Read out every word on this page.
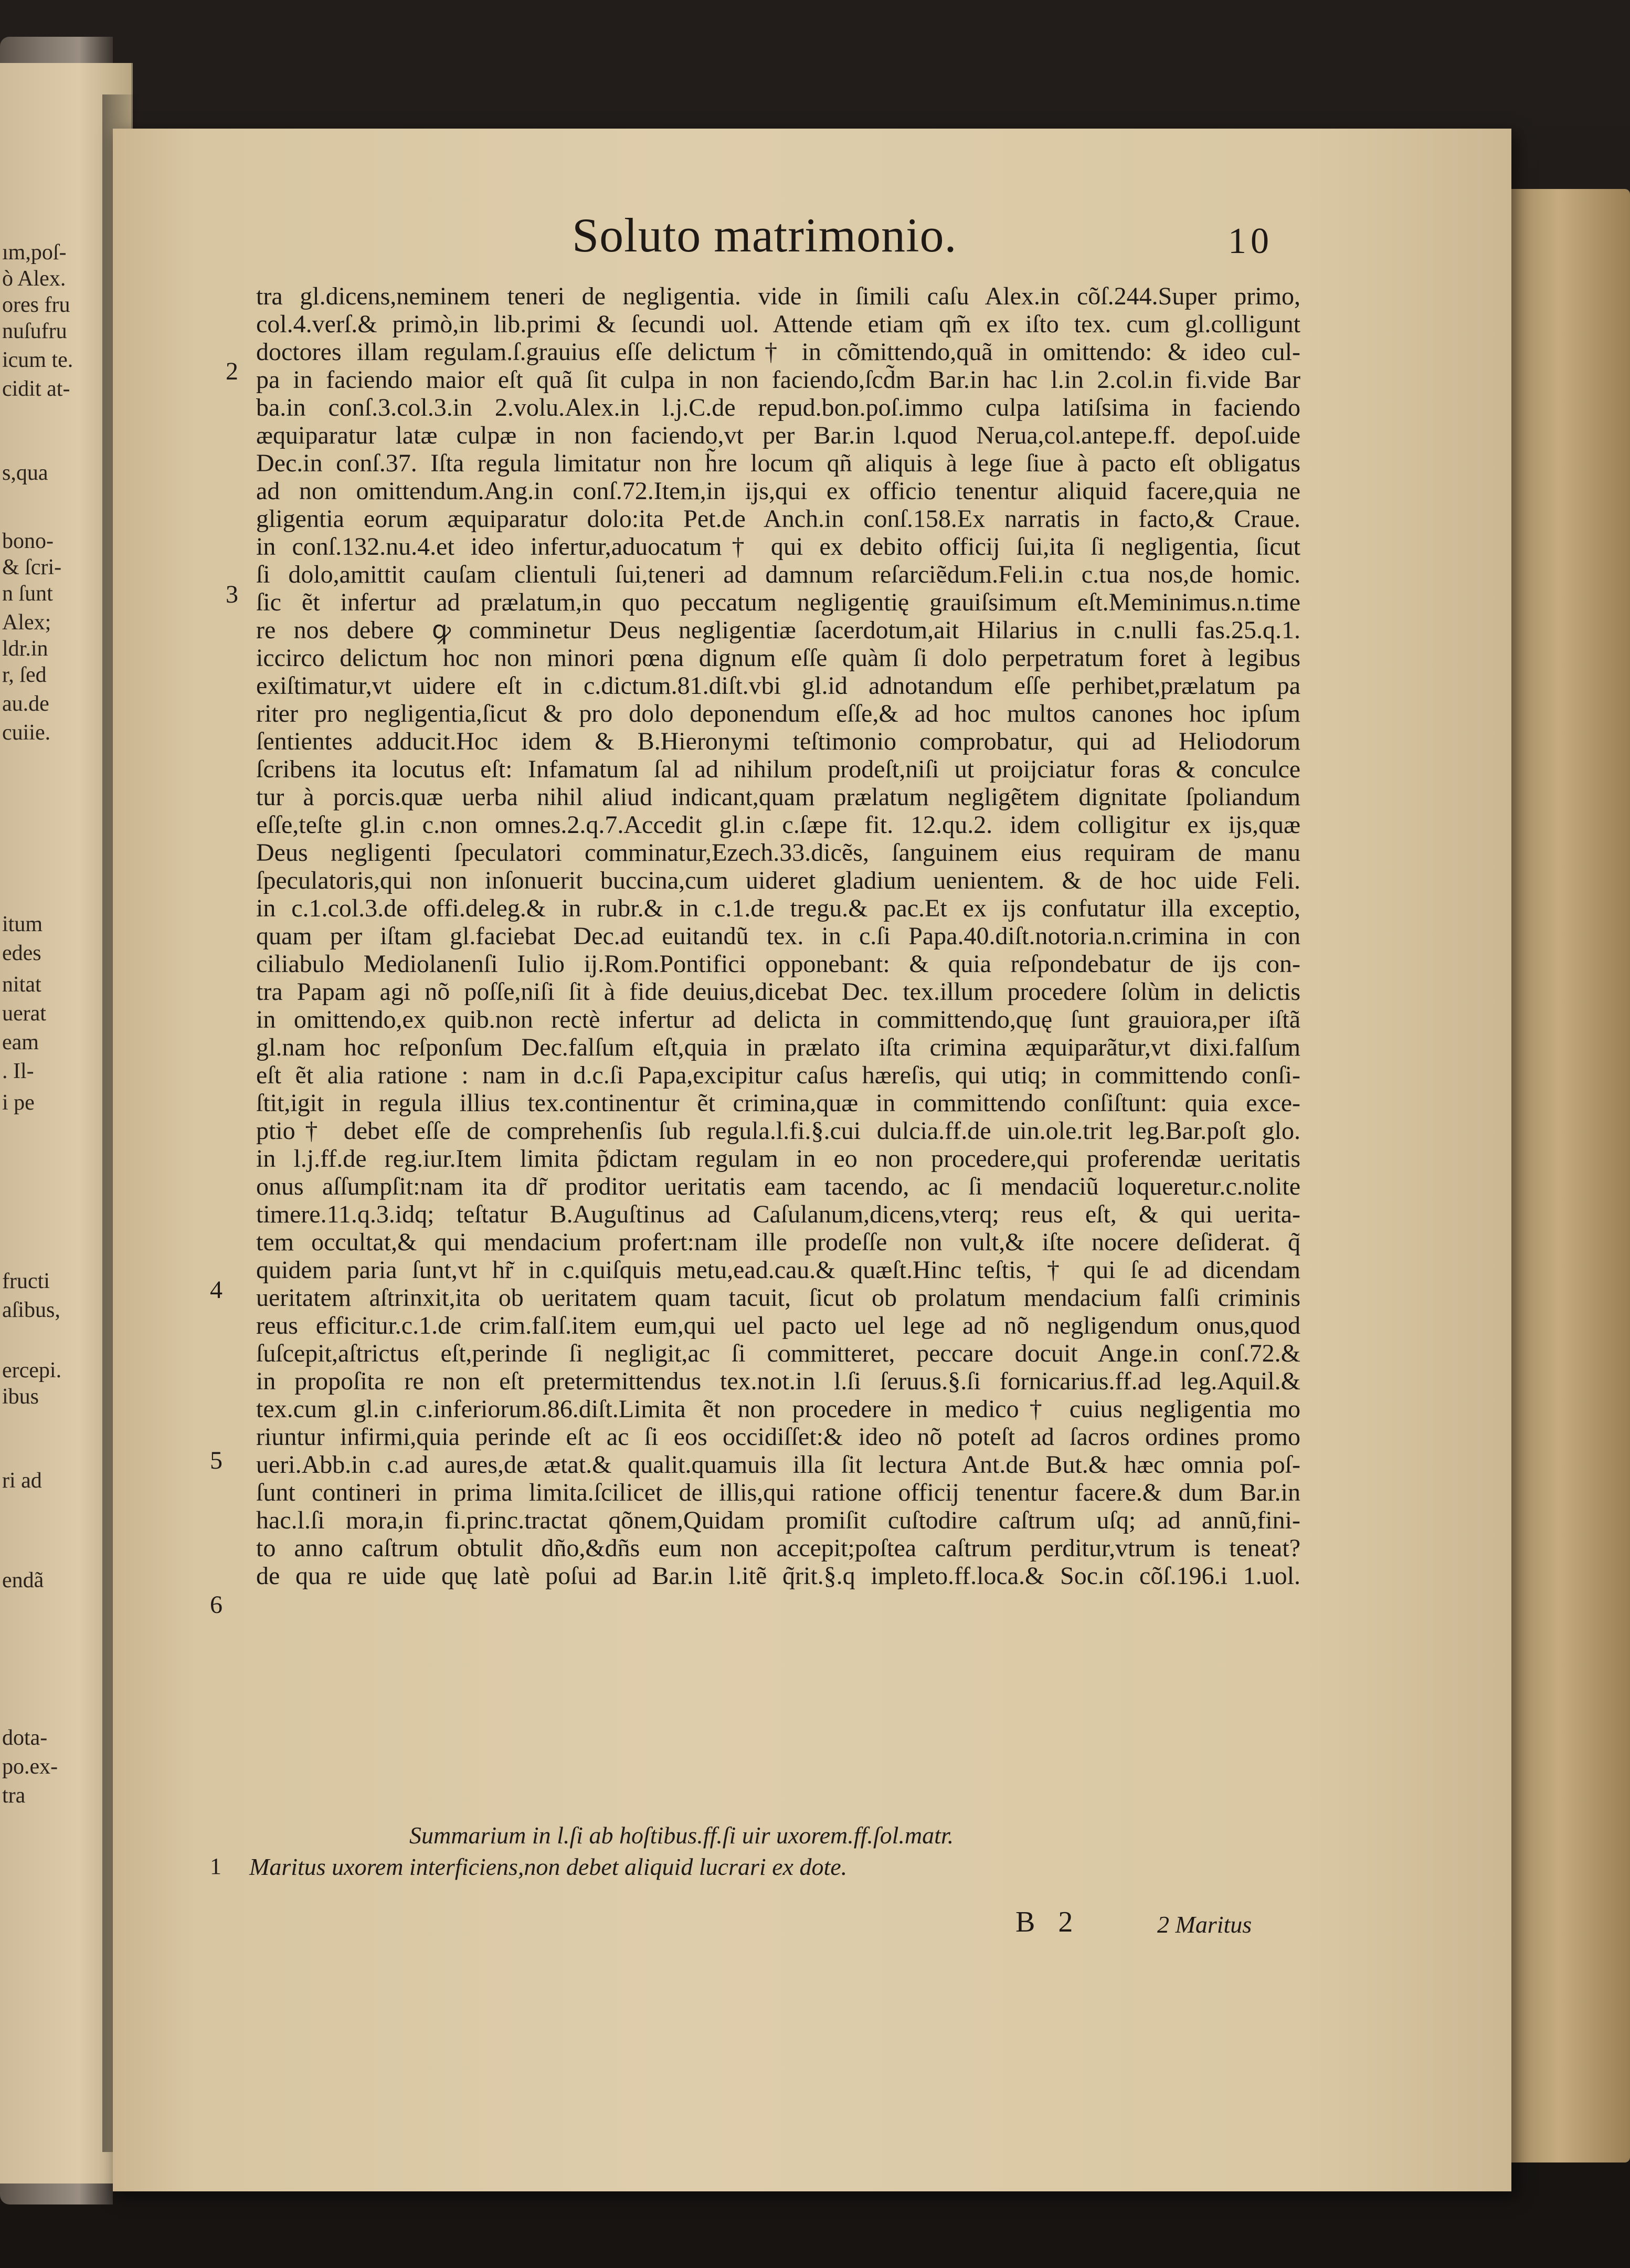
ım,poſ-
ò Alex.
ores fru
nuſufru
icum te.
cidit at-
s,qua
bono-
& ſcri-
n ſunt
Alex;
ldr.in
r, ſed
au.de
cuiie.
itum
edes
nitat
uerat
eam
. Il-
i pe
fructi
aſibus,
ercepi.
ibus
ri ad
endã
dota-
po.ex-
tra
Soluto matrimonio.	10
2
3
4
5
6
tra gl.dicens,neminem teneri de negligentia. vide in ſimili caſu Alex.in cõſ.244.Super primo,
col.4.verſ.& primò,in lib.primi & ſecundi uol. Attende etiam qm̃ ex iſto tex. cum gl.colligunt
doctores illam regulam.ſ.grauius eſſe delictum† in cõmittendo,quã in omittendo: & ideo cul-
pa in faciendo maior eſt quã ſit culpa in non faciendo,ſcd̃m Bar.in hac l.in 2.col.in fi.vide Bar
ba.in conſ.3.col.3.in 2.volu.Alex.in l.j.C.de repud.bon.poſ.immo culpa latiſsima in faciendo
æquiparatur latæ culpæ in non faciendo,vt per Bar.in l.quod Nerua,col.antepe.ff. depoſ.uide
Dec.in conſ.37. Iſta regula limitatur non h̃re locum qñ aliquis à lege ſiue à pacto eſt obligatus
ad non omittendum.Ang.in conſ.72.Item,in ijs,qui ex officio tenentur aliquid facere,quia ne
gligentia eorum æquiparatur dolo:ita Pet.de Anch.in conſ.158.Ex narratis in facto,& Craue.
in conſ.132.nu.4.et ideo infertur,aduocatum† qui ex debito officij ſui,ita ſi negligentia, ſicut
ſi dolo,amittit cauſam clientuli ſui,teneri ad damnum reſarciẽdum.Feli.in c.tua nos,de homic.
ſic ẽt infertur ad prælatum,in quo peccatum negligentię grauiſsimum eſt.Meminimus.n.time
re nos debere ꝙ comminetur Deus negligentiæ ſacerdotum,ait Hilarius in c.nulli fas.25.q.1.
iccirco delictum hoc non minori pœna dignum eſſe quàm ſi dolo perpetratum foret à legibus
exiſtimatur,vt uidere eſt in c.dictum.81.diſt.vbi gl.id adnotandum eſſe perhibet,prælatum pa
riter pro negligentia,ſicut & pro dolo deponendum eſſe,& ad hoc multos canones hoc ipſum
ſentientes adducit.Hoc idem & B.Hieronymi teſtimonio comprobatur, qui ad Heliodorum
ſcribens ita locutus eſt: Infamatum ſal ad nihilum prodeſt,niſi ut proijciatur foras & conculce
tur à porcis.quæ uerba nihil aliud indicant,quam prælatum negligẽtem dignitate ſpoliandum
eſſe,teſte gl.in c.non omnes.2.q.7.Accedit gl.in c.ſæpe fit. 12.qu.2. idem colligitur ex ijs,quæ
Deus negligenti ſpeculatori comminatur,Ezech.33.dicẽs, ſanguinem eius requiram de manu
ſpeculatoris,qui non inſonuerit buccina,cum uideret gladium uenientem. & de hoc uide Feli.
in c.1.col.3.de offi.deleg.& in rubr.& in c.1.de tregu.& pac.Et ex ijs confutatur illa exceptio,
quam per iſtam gl.faciebat Dec.ad euitandũ tex. in c.ſi Papa.40.diſt.notoria.n.crimina in con
ciliabulo Mediolanenſi Iulio ij.Rom.Pontifici opponebant: & quia reſpondebatur de ijs con-
tra Papam agi nõ poſſe,niſi ſit à fide deuius,dicebat Dec. tex.illum procedere ſolùm in delictis
in omittendo,ex quib.non rectè infertur ad delicta in committendo,quę ſunt grauiora,per iſtã
gl.nam hoc reſponſum Dec.falſum eſt,quia in prælato iſta crimina æquiparãtur,vt dixi.falſum
eſt ẽt alia ratione : nam in d.c.ſi Papa,excipitur caſus hæreſis, qui utiq; in committendo conſi-
ſtit,igit in regula illius tex.continentur ẽt crimina,quæ in committendo conſiſtunt: quia exce-
ptio† debet eſſe de comprehenſis ſub regula.l.fi.§.cui dulcia.ff.de uin.ole.trit leg.Bar.poſt glo.
in l.j.ff.de reg.iur.Item limita p̃dictam regulam in eo non procedere,qui proferendæ ueritatis
onus aſſumpſit:nam ita dr̃ proditor ueritatis eam tacendo, ac ſi mendaciũ loqueretur.c.nolite
timere.11.q.3.idq; teſtatur B.Auguſtinus ad Caſulanum,dicens,vterq; reus eſt, & qui uerita-
tem occultat,& qui mendacium profert:nam ille prodeſſe non vult,& iſte nocere deſiderat. q̃
quidem paria ſunt,vt hr̃ in c.quiſquis metu,ead.cau.& quæſt.Hinc teſtis, † qui ſe ad dicendam
ueritatem aſtrinxit,ita ob ueritatem quam tacuit, ſicut ob prolatum mendacium falſi criminis
reus efficitur.c.1.de crim.falſ.item eum,qui uel pacto uel lege ad nõ negligendum onus,quod
ſuſcepit,aſtrictus eſt,perinde ſi negligit,ac ſi committeret, peccare docuit Ange.in conſ.72.&
in propoſita re non eſt pretermittendus tex.not.in l.ſi ſeruus.§.ſi fornicarius.ff.ad leg.Aquil.&
tex.cum gl.in c.inferiorum.86.diſt.Limita ẽt non procedere in medico† cuius negligentia mo
riuntur infirmi,quia perinde eſt ac ſi eos occidiſſet:& ideo nõ poteſt ad ſacros ordines promo
ueri.Abb.in c.ad aures,de ætat.& qualit.quamuis illa ſit lectura Ant.de But.& hæc omnia poſ-
ſunt contineri in prima limita.ſcilicet de illis,qui ratione officij tenentur facere.& dum Bar.in
hac.l.ſi mora,in fi.princ.tractat qõnem,Quidam promiſit cuſtodire caſtrum uſq; ad annũ,fini-
to anno caſtrum obtulit dño,&dñs eum non accepit;poſtea caſtrum perditur,vtrum is teneat?
de qua re uide quę latè poſui ad Bar.in l.itẽ q̃rit.§.q impleto.ff.loca.& Soc.in cõſ.196.i 1.uol.
Summarium in l.ſi ab hoſtibus.ff.ſi uir uxorem.ff.ſol.matr.
1 Maritus uxorem interficiens,non debet aliquid lucrari ex dote.
B 2	2 Maritus
